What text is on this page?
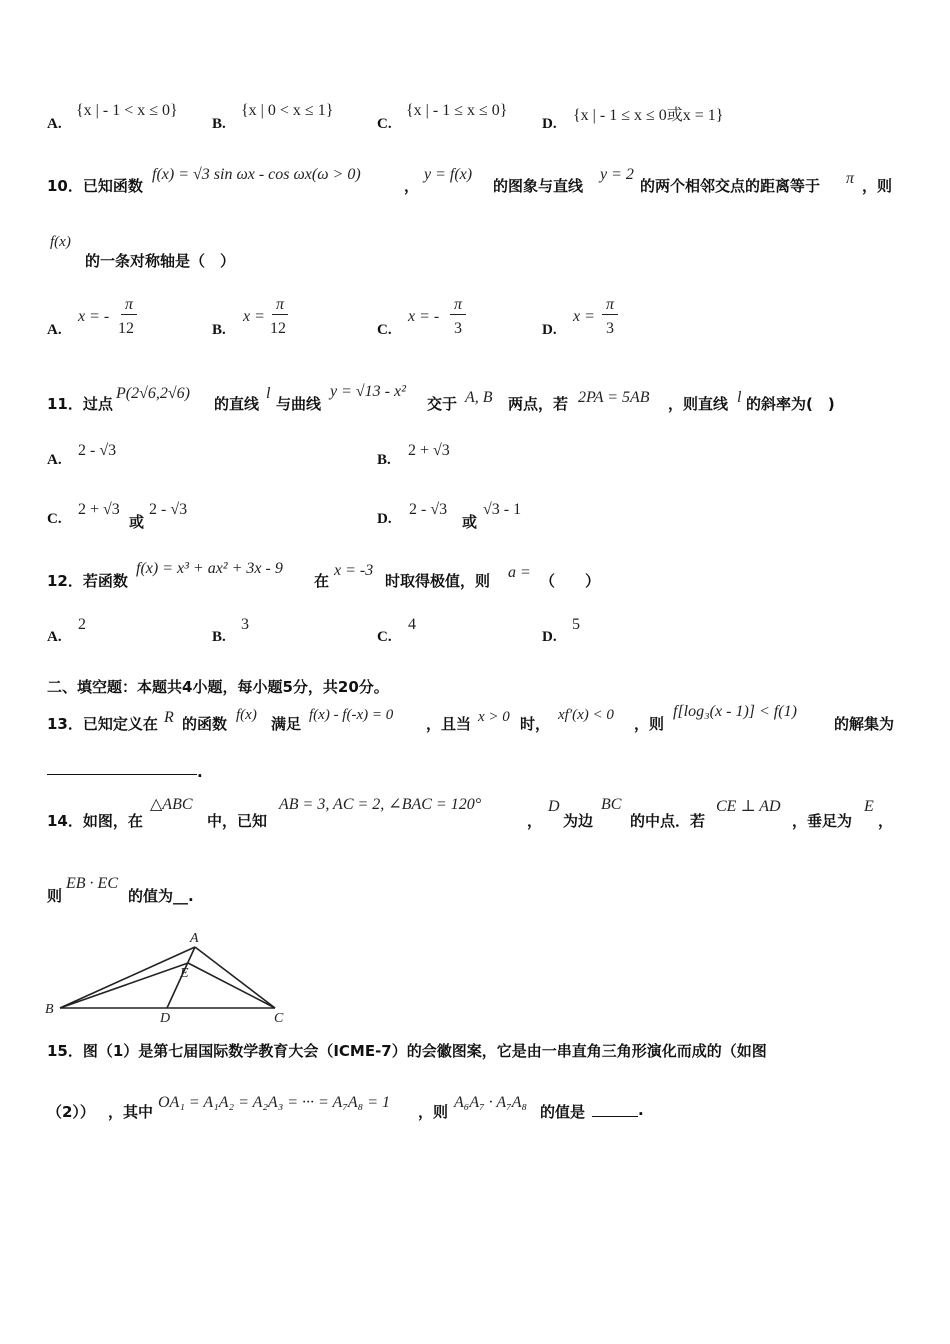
A.
{x | - 1 < x ≤ 0}
B.
{x | 0 < x ≤ 1}
C.
{x | - 1 ≤ x ≤ 0}
D. {x | - 1 ≤ x ≤ 0或x = 1}
10．已知函数
f(x) = √3 sin ωx - cos ωx(ω > 0)
，
y = f(x)
的图象与直线
y = 2
的两个相邻交点的距离等于 π ，则
f(x)
的一条对称轴是（　）
A.
x = -
π
12	B.
x =
π
12	C.
x = -
π
3	D.
x =
π
3
11．过点
P(2√6,2√6)
的直线
l
与曲线
y = √13 - x²
交于 A, B 两点，若 2PA = 5AB ，则直线 l 的斜率为(　)
A.
2 - √3
B.
2 + √3
C.
2 + √3
或
2 - √3
D.
2 - √3
或
√3 - 1
12．若函数
f(x) = x³ + ax² + 3x - 9
在
x = -3
时取得极值，则 a = （　　）
A.
2
B.
3
C.
4
D.
5
二、填空题：本题共4小题，每小题5分，共20分。
13．已知定义在 R 的函数 f(x) 满足 f(x) - f(-x) = 0 ，且当 x > 0 时， xf′(x) < 0 ，则
f[log₃(x - 1)] < f(1)
的解集为
.
14．如图，在
△ABC
中，已知
AB = 3, AC = 2, ∠BAC = 120°
，
D
为边
BC
的中点．若
CE ⊥ AD
，垂足为
E
，
则
EB · EC
的值为__.
A
B
C
D
E
15．图（1）是第七届国际数学教育大会（ICME-7）的会徽图案，它是由一串直角三角形演化而成的（如图
（2）） ，其中
OA₁ = A₁A₂ = A₂A₃ = ··· = A₇A₈ = 1
，则
A₆A₇ · A₇A₈
的值是	.
